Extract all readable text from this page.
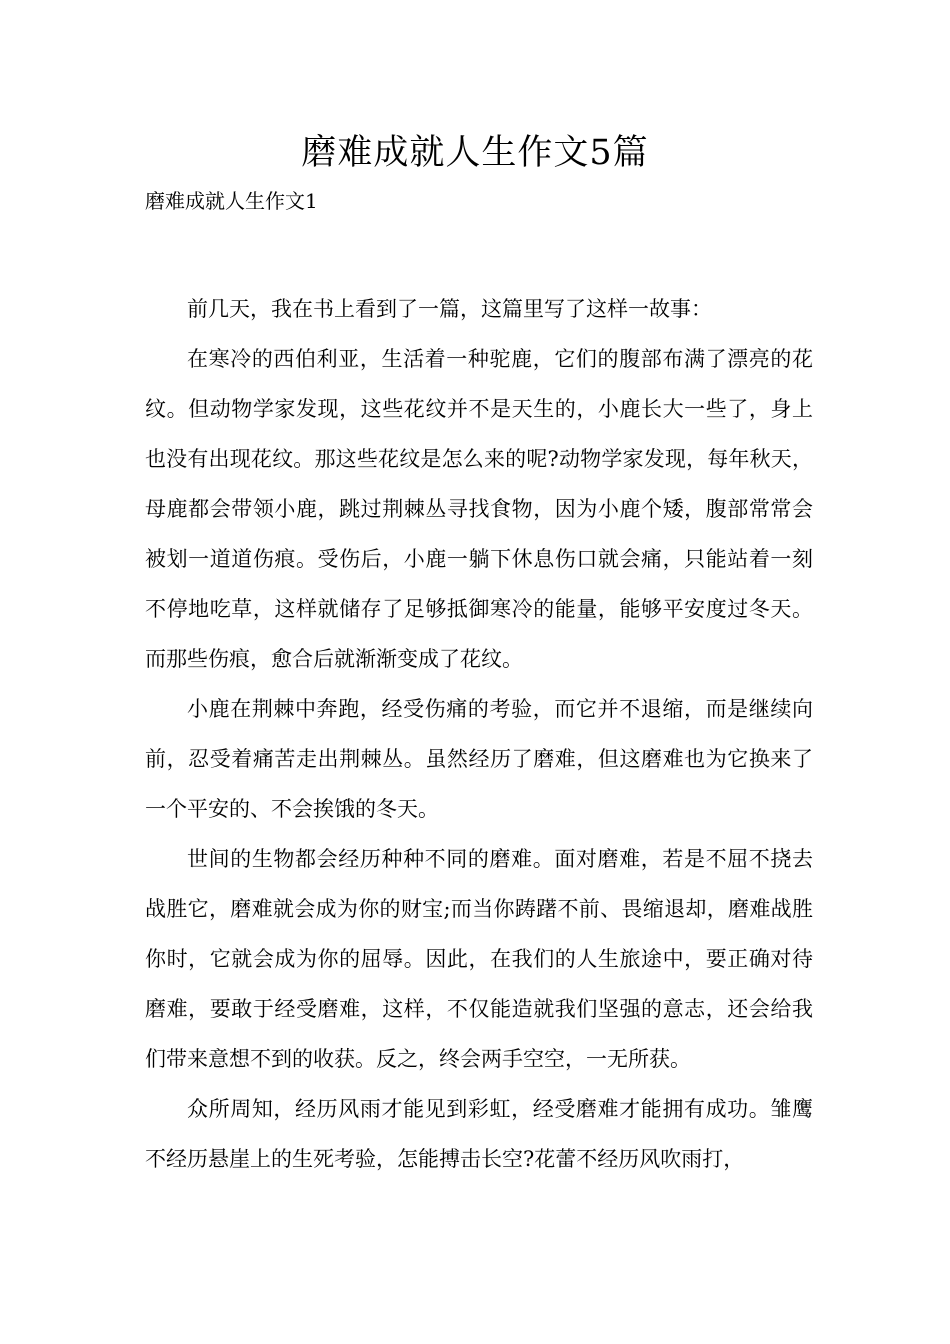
磨难成就人生作文5篇

磨难成就人生作文1

前几天，我在书上看到了一篇，这篇里写了这样一故事：

在寒冷的西伯利亚，生活着一种驼鹿，它们的腹部布满了漂亮的花纹。但动物学家发现，这些花纹并不是天生的，小鹿长大一些了，身上也没有出现花纹。那这些花纹是怎么来的呢?动物学家发现，每年秋天，母鹿都会带领小鹿，跳过荆棘丛寻找食物，因为小鹿个矮，腹部常常会被划一道道伤痕。受伤后，小鹿一躺下休息伤口就会痛，只能站着一刻不停地吃草，这样就储存了足够抵御寒冷的能量，能够平安度过冬天。而那些伤痕，愈合后就渐渐变成了花纹。

小鹿在荆棘中奔跑，经受伤痛的考验，而它并不退缩，而是继续向前，忍受着痛苦走出荆棘丛。虽然经历了磨难，但这磨难也为它换来了一个平安的、不会挨饿的冬天。

世间的生物都会经历种种不同的磨难。面对磨难，若是不屈不挠去战胜它，磨难就会成为你的财宝;而当你踌躇不前、畏缩退却，磨难战胜你时，它就会成为你的屈辱。因此，在我们的人生旅途中，要正确对待磨难，要敢于经受磨难，这样，不仅能造就我们坚强的意志，还会给我们带来意想不到的收获。反之，终会两手空空，一无所获。

众所周知，经历风雨才能见到彩虹，经受磨难才能拥有成功。雏鹰不经历悬崖上的生死考验，怎能搏击长空?花蕾不经历风吹雨打，
